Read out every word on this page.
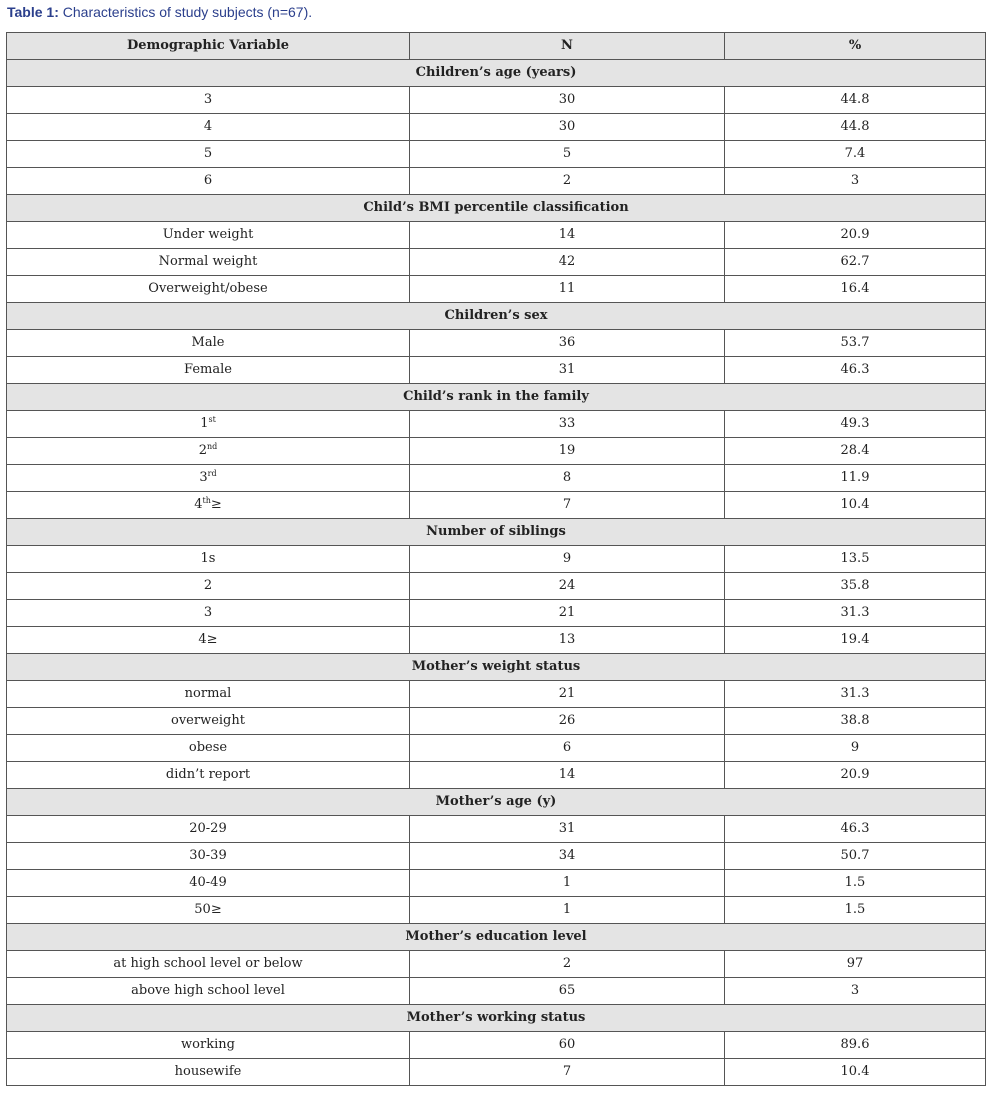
Table 1: Characteristics of study subjects (n=67).
Demographic Variable	N	%
Children’s age (years)		
3	30	44.8
4	30	44.8
5	5	7.4
6	2	3
Child’s BMI percentile classification		
Under weight	14	20.9
Normal weight	42	62.7
Overweight/obese	11	16.4
Children’s sex		
Male	36	53.7
Female	31	46.3
Child’s rank in the family		
1st	33	49.3
2nd	19	28.4
3rd	8	11.9
4th≥	7	10.4
Number of siblings		
1s	9	13.5
2	24	35.8
3	21	31.3
4≥	13	19.4
Mother’s weight status		
normal	21	31.3
overweight	26	38.8
obese	6	9
didn’t report	14	20.9
Mother’s age (y)		
20-29	31	46.3
30-39	34	50.7
40-49	1	1.5
50≥	1	1.5
Mother’s education level		
at high school level or below	2	97
above high school level	65	3
Mother’s working status		
working	60	89.6
housewife	7	10.4
